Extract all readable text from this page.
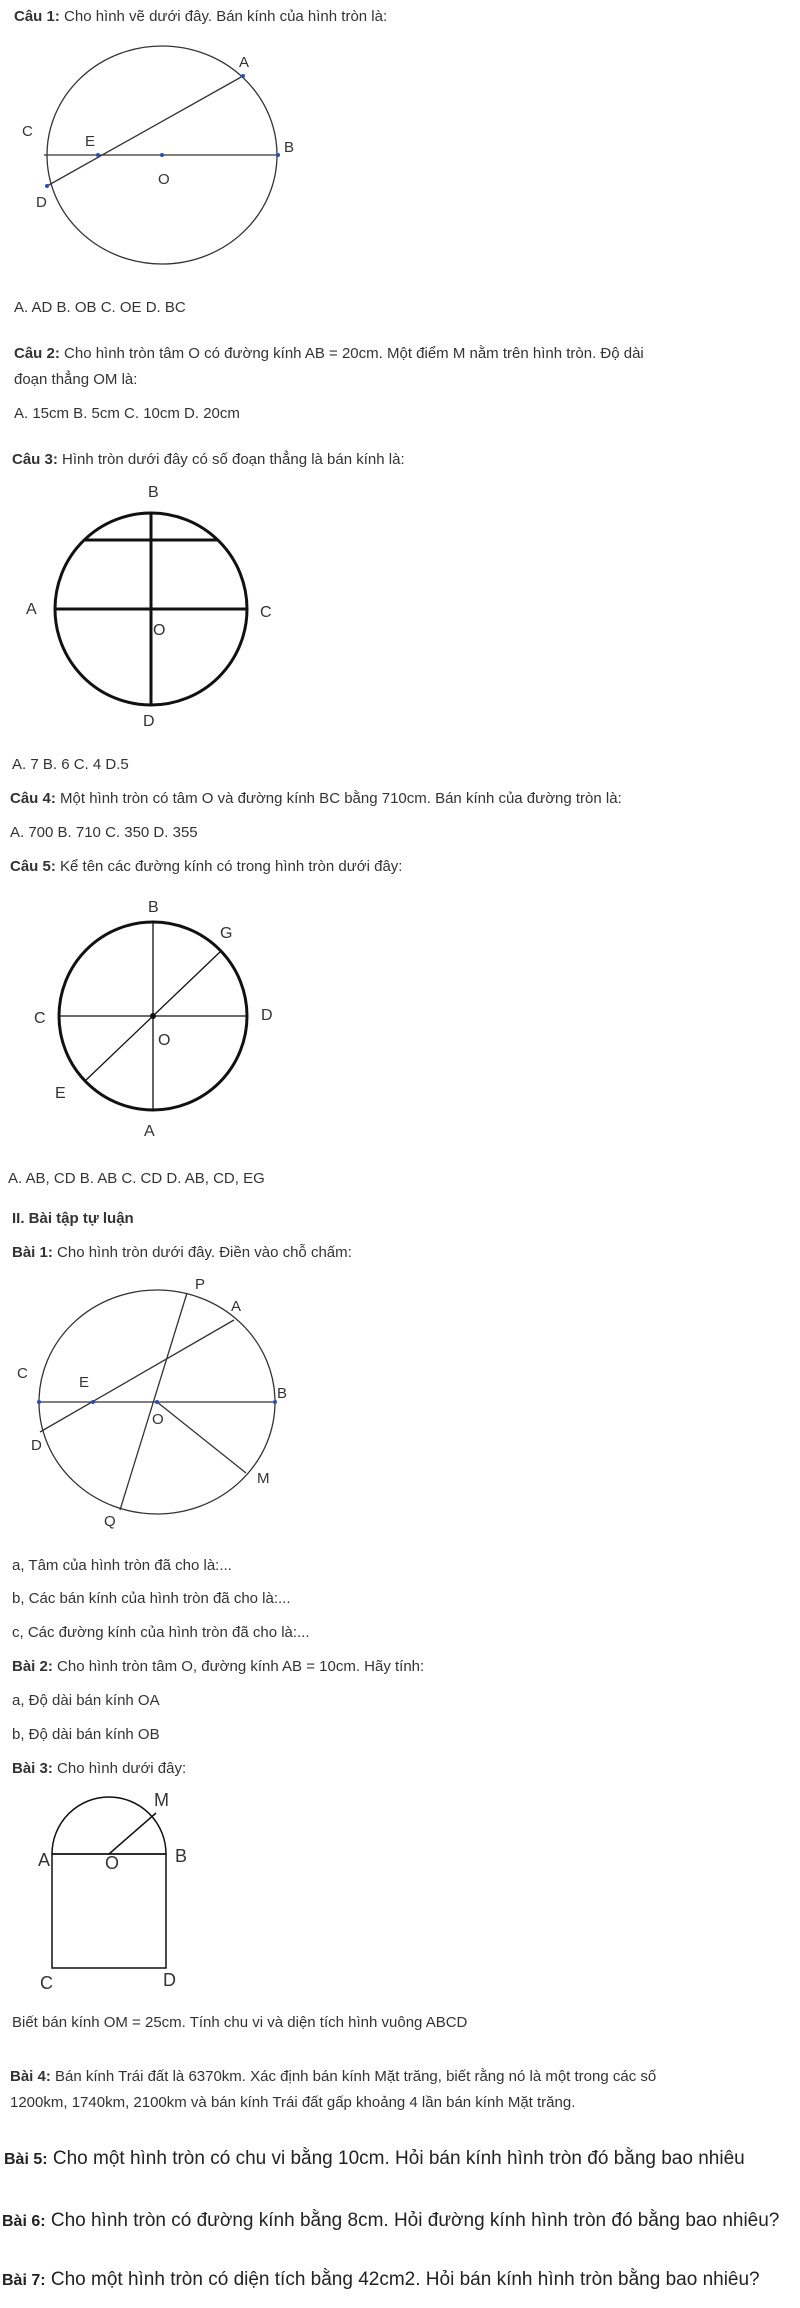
Câu 1: Cho hình vẽ dưới đây. Bán kính của hình tròn là:
A
B
C
D
E
O
A. AD B. OB C. OE D. BC
Câu 2: Cho hình tròn tâm O có đường kính AB = 20cm. Một điểm M nằm trên hình tròn. Độ dài
đoạn thẳng OM là:
A. 15cm B. 5cm C. 10cm D. 20cm
Câu 3: Hình tròn dưới đây có số đoạn thẳng là bán kính là:
B
A	C
O
D
A. 7 B. 6 C. 4 D.5
Câu 4: Một hình tròn có tâm O và đường kính BC bằng 710cm. Bán kính của đường tròn là:
A. 700 B. 710 C. 350 D. 355
Câu 5: Kể tên các đường kính có trong hình tròn dưới đây:
B
G
C	D
O
E
A
A. AB, CD B. AB C. CD D. AB, CD, EG
II. Bài tập tự luận
Bài 1: Cho hình tròn dưới đây. Điền vào chỗ chấm:
P
A
C
E
B
O
D
M
Q
a, Tâm của hình tròn đã cho là:...
b, Các bán kính của hình tròn đã cho là:...
c, Các đường kính của hình tròn đã cho là:...
Bài 2: Cho hình tròn tâm O, đường kính AB = 10cm. Hãy tính:
a, Độ dài bán kính OA
b, Độ dài bán kính OB
Bài 3: Cho hình dưới đây:
M
A	O	B
C	D
Biết bán kính OM = 25cm. Tính chu vi và diện tích hình vuông ABCD
Bài 4: Bán kính Trái đất là 6370km. Xác định bán kính Mặt trăng, biết rằng nó là một trong các số
1200km, 1740km, 2100km và bán kính Trái đất gấp khoảng 4 lần bán kính Mặt trăng.
Bài 5: Cho một hình tròn có chu vi bằng 10cm. Hỏi bán kính hình tròn đó bằng bao nhiêu
Bài 6: Cho hình tròn có đường kính bằng 8cm. Hỏi đường kính hình tròn đó bằng bao nhiêu?
Bài 7: Cho một hình tròn có diện tích bằng 42cm2. Hỏi bán kính hình tròn bằng bao nhiêu?
